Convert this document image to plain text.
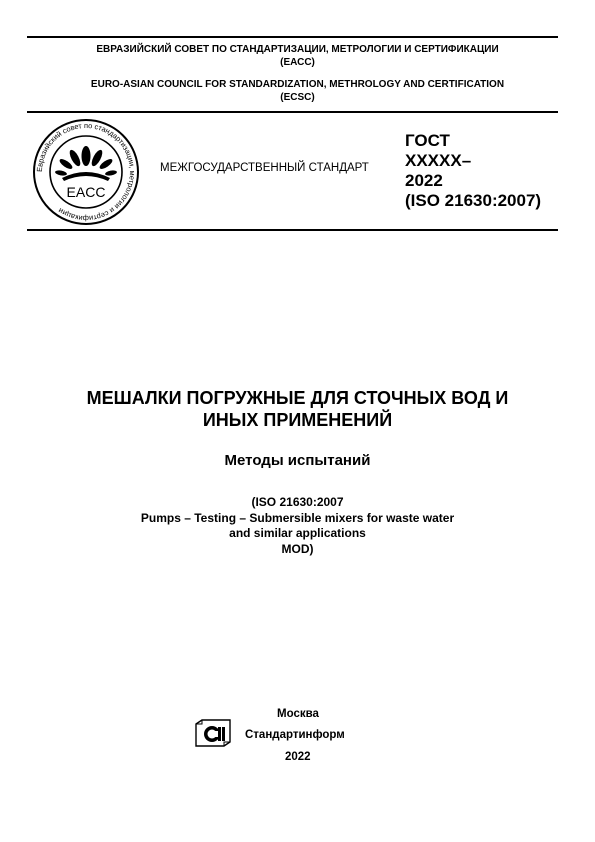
ЕВРАЗИЙСКИЙ СОВЕТ ПО СТАНДАРТИЗАЦИИ, МЕТРОЛОГИИ И СЕРТИФИКАЦИИ
(ЕАСС)
EURO-ASIAN COUNCIL FOR STANDARDIZATION, METHROLOGY AND CERTIFICATION
(ECSC)
Евразийский совет по стандартизации, метрологии и сертификации
EACC
МЕЖГОСУДАРСТВЕННЫЙ СТАНДАРТ
ГОСТ
ХХХХХ–
2022
(ISO 21630:2007)
МЕШАЛКИ ПОГРУЖНЫЕ ДЛЯ СТОЧНЫХ ВОД И
ИНЫХ ПРИМЕНЕНИЙ
Методы испытаний
(ISO 21630:2007
Pumps – Testing – Submersible mixers for waste water
and similar applications
MOD)
Москва
Стандартинформ
2022
